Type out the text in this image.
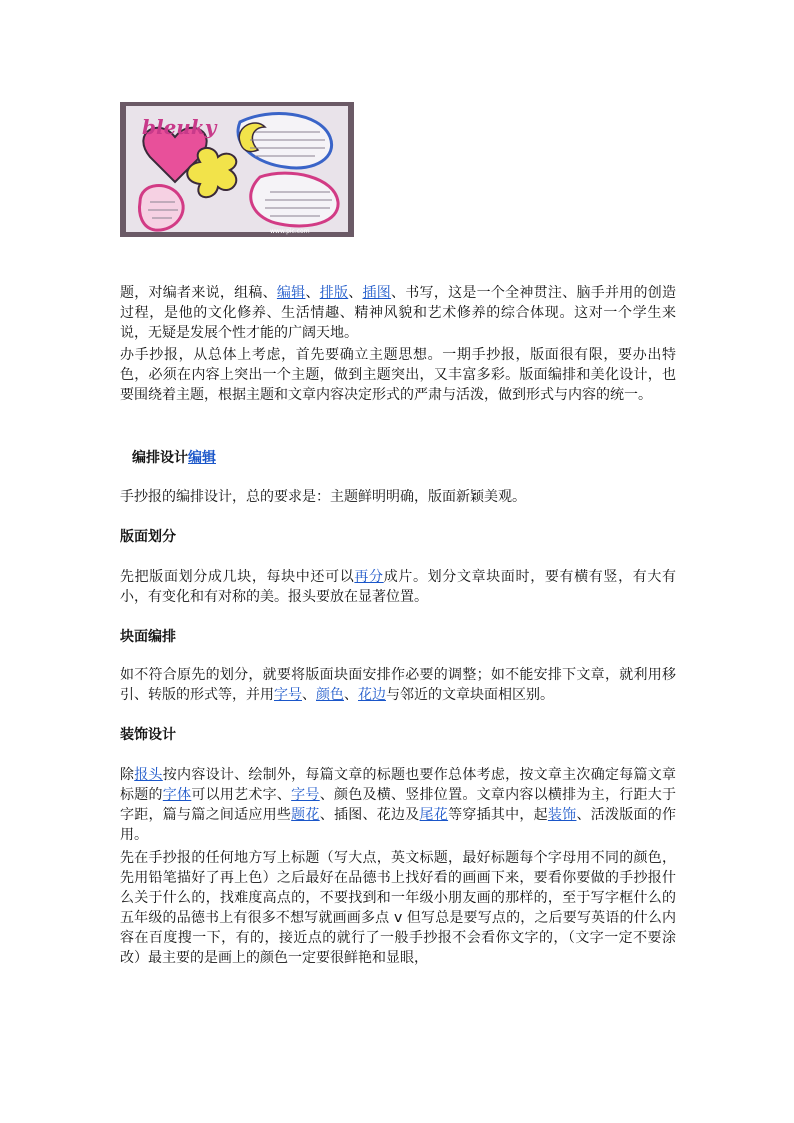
bleuky
www.pic.com

题，对编者来说，组稿、编辑、排版、插图、书写，这是一个全神贯注、脑手并用的创造过程，是他的文化修养、生活情趣、精神风貌和艺术修养的综合体现。这对一个学生来说，无疑是发展个性才能的广阔天地。

办手抄报，从总体上考虑，首先要确立主题思想。一期手抄报，版面很有限，要办出特色，必须在内容上突出一个主题，做到主题突出，又丰富多彩。版面编排和美化设计，也要围绕着主题，根据主题和文章内容决定形式的严肃与活泼，做到形式与内容的统一。

编排设计编辑

手抄报的编排设计，总的要求是：主题鲜明明确，版面新颖美观。

版面划分

先把版面划分成几块，每块中还可以再分成片。划分文章块面时，要有横有竖，有大有小，有变化和有对称的美。报头要放在显著位置。

块面编排

如不符合原先的划分，就要将版面块面安排作必要的调整；如不能安排下文章，就利用移引、转版的形式等，并用字号、颜色、花边与邻近的文章块面相区别。

装饰设计

除报头按内容设计、绘制外，每篇文章的标题也要作总体考虑，按文章主次确定每篇文章标题的字体可以用艺术字、字号、颜色及横、竖排位置。文章内容以横排为主，行距大于字距，篇与篇之间适应用些题花、插图、花边及尾花等穿插其中，起装饰、活泼版面的作用。

先在手抄报的任何地方写上标题（写大点，英文标题，最好标题每个字母用不同的颜色，先用铅笔描好了再上色）之后最好在品德书上找好看的画画下来，要看你要做的手抄报什么关于什么的，找难度高点的，不要找到和一年级小朋友画的那样的，至于写字框什么的五年级的品德书上有很多不想写就画画多点 v 但写总是要写点的，之后要写英语的什么内容在百度搜一下，有的，接近点的就行了一般手抄报不会看你文字的，（文字一定不要涂改）最主要的是画上的颜色一定要很鲜艳和显眼，
